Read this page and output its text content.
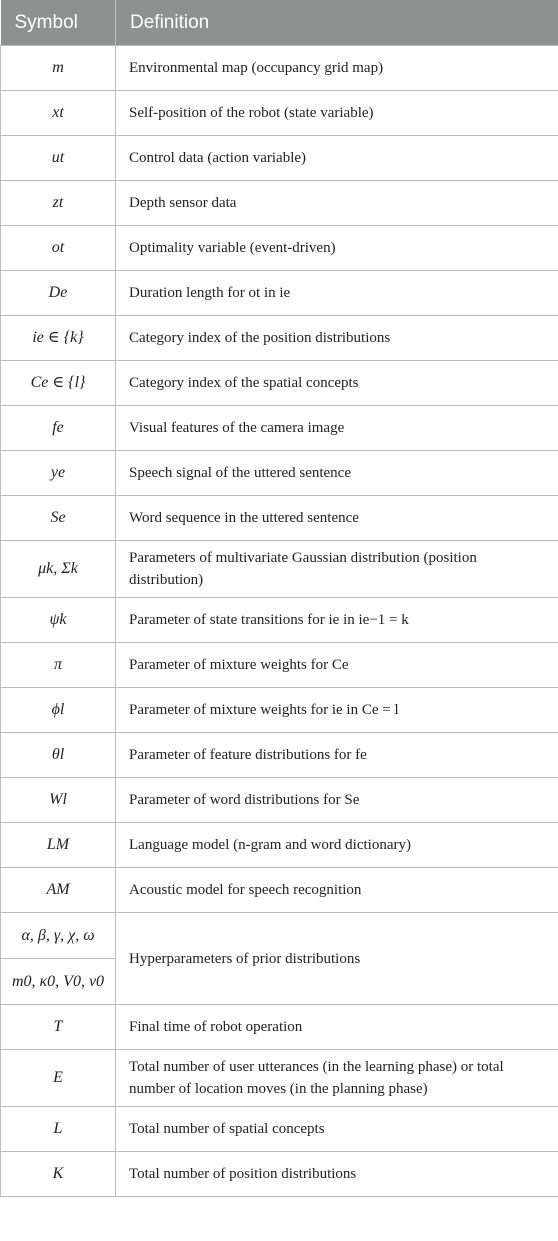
Symbol	Definition
m	Environmental map (occupancy grid map)
xt	Self-position of the robot (state variable)
ut	Control data (action variable)
zt	Depth sensor data
ot	Optimality variable (event-driven)
De	Duration length for ot in ie
ie ∈ {k}	Category index of the position distributions
Ce ∈ {l}	Category index of the spatial concepts
fe	Visual features of the camera image
ye	Speech signal of the uttered sentence
Se	Word sequence in the uttered sentence
μk, Σk	Parameters of multivariate Gaussian distribution (position distribution)
ψk	Parameter of state transitions for ie in ie−1 = k
π	Parameter of mixture weights for Ce
ϕl	Parameter of mixture weights for ie in Ce = l
θl	Parameter of feature distributions for fe
Wl	Parameter of word distributions for Se
LM	Language model (n-gram and word dictionary)
AM	Acoustic model for speech recognition
α, β, γ, χ, ω	Hyperparameters of prior distributions
m0, κ0, V0, ν0	
T	Final time of robot operation
E	Total number of user utterances (in the learning phase) or total number of location moves (in the planning phase)
L	Total number of spatial concepts
K	Total number of position distributions
